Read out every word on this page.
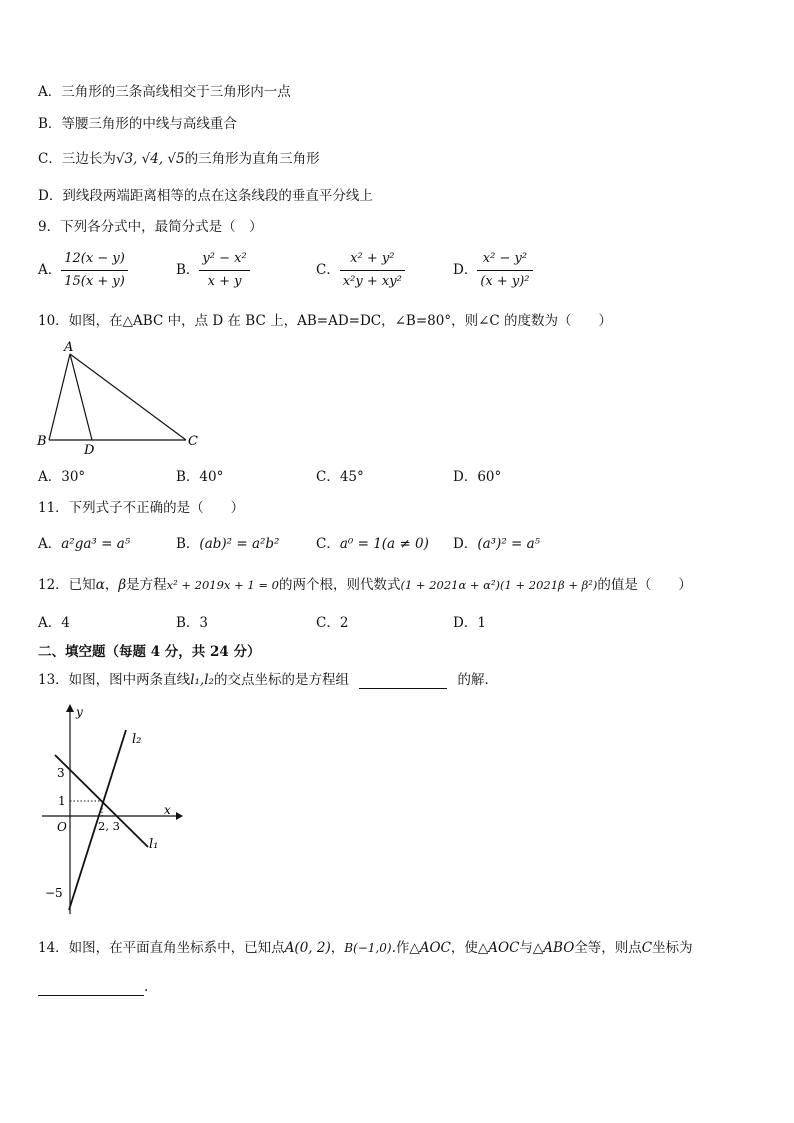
A．三角形的三条高线相交于三角形内一点
B．等腰三角形的中线与高线重合
C．三边长为√3, √4, √5的三角形为直角三角形
D．到线段两端距离相等的点在这条线段的垂直平分线上
9．下列各分式中，最简分式是（　）
A． $\frac{12(x - y)}{15(x + y)}$	B． $\frac{\text{y² − x²}}{x + y}$	C． $\frac{\text{x² + y²}}{\text{x²y + xy²}}$	D． $\frac{\text{x² − y²}}{\text{(x + y)²}}$
10．如图，在△ABC 中，点 D 在 BC 上，AB=AD=DC，∠B=80°，则∠C 的度数为（　　）
A
B
D
C
A．30°	B．40°	C．45°	D．60°
11．下列式子不正确的是（　　）
A．a²ga³ = a⁵	B．(ab)² = a²b²	C．a⁰ = 1(a ≠ 0) D．(a³)² = a⁵
12．已知α，β是方程x² + 2019x + 1 = 0的两个根，则代数式(1 + 2021α + α²)(1 + 2021β + β²)的值是（　　）
A．4	B．3	C．2	D．1
二、填空题（每题 4 分，共 24 分）
13．如图，图中两条直线l₁,l₂的交点坐标的是方程组	的解．
y
x
O
3
1
−5
2, 3
l₂
l₁
14．如图，在平面直角坐标系中，已知点A(0, 2)，B(−1,0).作△AOC，使△AOC与△ABO全等，则点C坐标为
.
